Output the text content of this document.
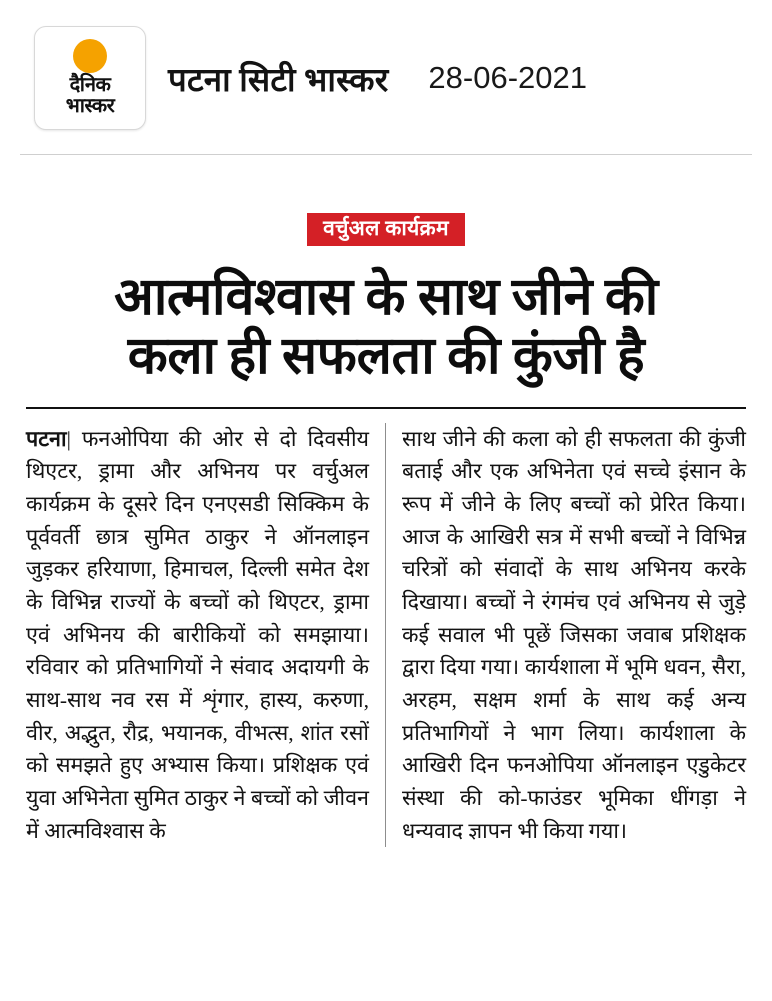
दैनिक
भास्कर
पटना सिटी भास्कर 28-06-2021
वर्चुअल कार्यक्रम
आत्मविश्वास के साथ जीने की
कला ही सफलता की कुंजी है
पटना| फनओपिया की ओर से दो दिवसीय थिएटर, ड्रामा और अभिनय पर वर्चुअल कार्यक्रम के दूसरे दिन एनएसडी सिक्किम के पूर्ववर्ती छात्र सुमित ठाकुर ने ऑनलाइन जुड़कर हरियाणा, हिमाचल, दिल्ली समेत देश के विभिन्न राज्यों के बच्चों को थिएटर, ड्रामा एवं अभिनय की बारीकियों को समझाया। रविवार को प्रतिभागियों ने संवाद अदायगी के साथ-साथ नव रस में शृंगार, हास्य, करुणा, वीर, अद्भुत, रौद्र, भयानक, वीभत्स, शांत रसों को समझते हुए अभ्यास किया। प्रशिक्षक एवं युवा अभिनेता सुमित ठाकुर ने बच्चों को जीवन में आत्मविश्वास के
साथ जीने की कला को ही सफलता की कुंजी बताई और एक अभिनेता एवं सच्चे इंसान के रूप में जीने के लिए बच्चों को प्रेरित किया। आज के आखिरी सत्र में सभी बच्चों ने विभिन्न चरित्रों को संवादों के साथ अभिनय करके दिखाया। बच्चों ने रंगमंच एवं अभिनय से जुड़े कई सवाल भी पूछें जिसका जवाब प्रशिक्षक द्वारा दिया गया। कार्यशाला में भूमि धवन, सैरा, अरहम, सक्षम शर्मा के साथ कई अन्य प्रतिभागियों ने भाग लिया। कार्यशाला के आखिरी दिन फनओपिया ऑनलाइन एडुकेटर संस्था की को-फाउंडर भूमिका धींगड़ा ने धन्यवाद ज्ञापन भी किया गया।
